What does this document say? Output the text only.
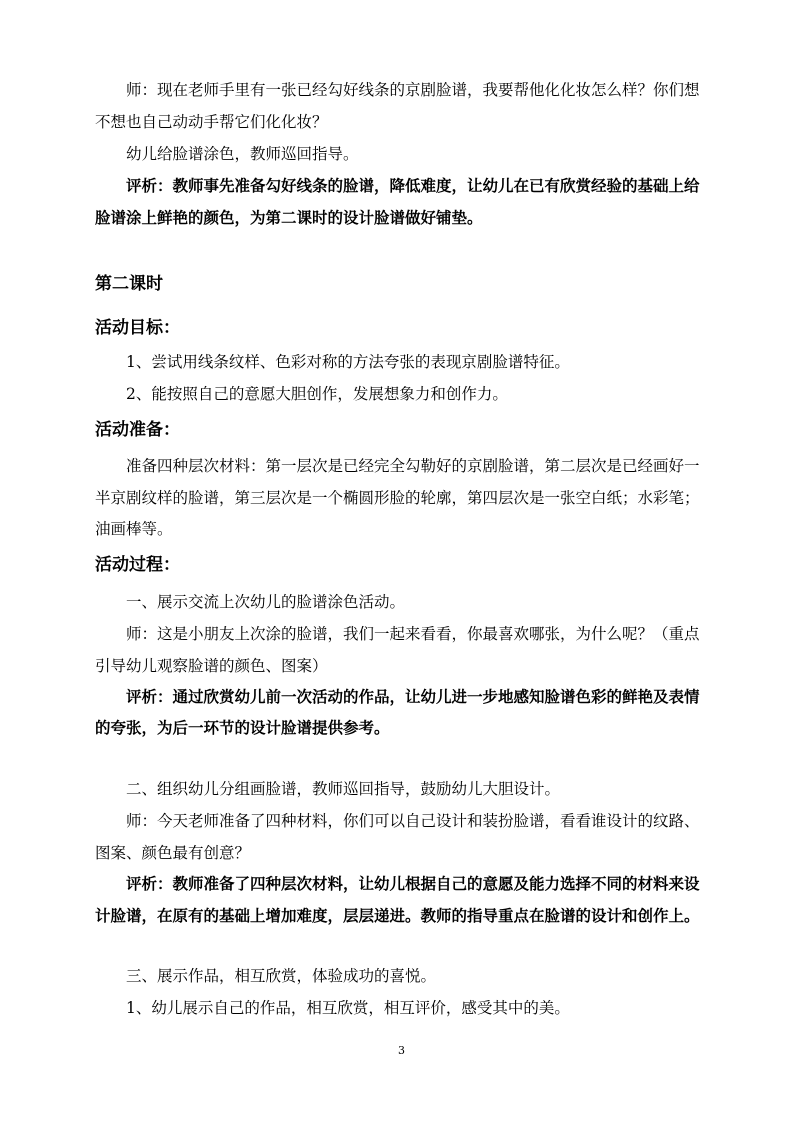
师：现在老师手里有一张已经勾好线条的京剧脸谱，我要帮他化化妆怎么样？你们想
不想也自己动动手帮它们化化妆？
幼儿给脸谱涂色，教师巡回指导。
评析：教师事先准备勾好线条的脸谱，降低难度，让幼儿在已有欣赏经验的基础上给
脸谱涂上鲜艳的颜色，为第二课时的设计脸谱做好铺垫。
第二课时
活动目标：
1、尝试用线条纹样、色彩对称的方法夸张的表现京剧脸谱特征。
2、能按照自己的意愿大胆创作，发展想象力和创作力。
活动准备：
准备四种层次材料：第一层次是已经完全勾勒好的京剧脸谱，第二层次是已经画好一
半京剧纹样的脸谱，第三层次是一个椭圆形脸的轮廓，第四层次是一张空白纸；水彩笔；
油画棒等。
活动过程：
一、展示交流上次幼儿的脸谱涂色活动。
师：这是小朋友上次涂的脸谱，我们一起来看看，你最喜欢哪张，为什么呢？（重点
引导幼儿观察脸谱的颜色、图案）
评析：通过欣赏幼儿前一次活动的作品，让幼儿进一步地感知脸谱色彩的鲜艳及表情
的夸张，为后一环节的设计脸谱提供参考。
二、组织幼儿分组画脸谱，教师巡回指导，鼓励幼儿大胆设计。
师：今天老师准备了四种材料，你们可以自己设计和装扮脸谱，看看谁设计的纹路、
图案、颜色最有创意？
评析：教师准备了四种层次材料，让幼儿根据自己的意愿及能力选择不同的材料来设
计脸谱，在原有的基础上增加难度，层层递进。教师的指导重点在脸谱的设计和创作上。
三、展示作品，相互欣赏，体验成功的喜悦。
1、幼儿展示自己的作品，相互欣赏，相互评价，感受其中的美。
3
